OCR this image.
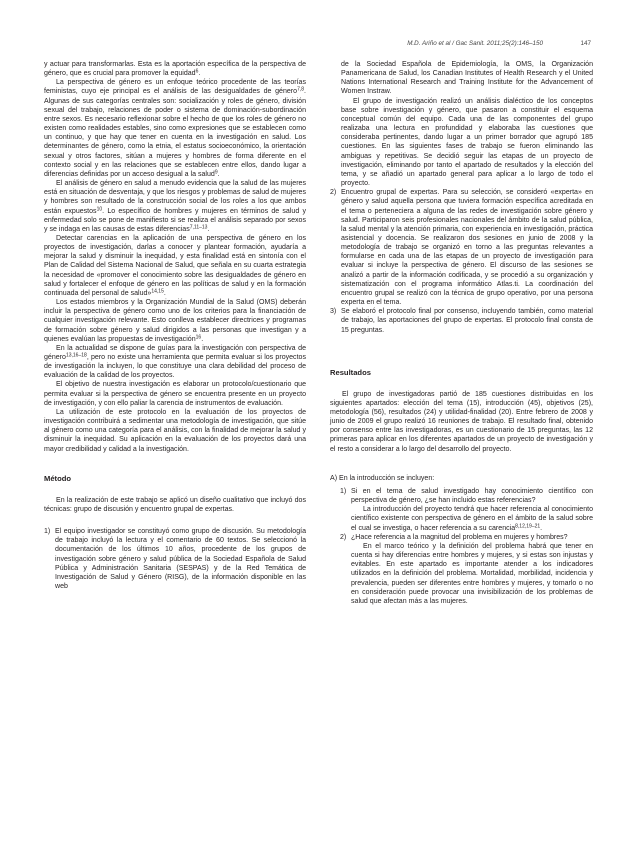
M.D. Ariño et al / Gac Sanit. 2011;25(2):146–150	147

y actuar para transformarlas. Esta es la aportación específica de la perspectiva de género, que es crucial para promover la equidad$^6$.

La perspectiva de género es un enfoque teórico procedente de las teorías feministas, cuyo eje principal es el análisis de las desigualdades de género$^{7,8}$. Algunas de sus categorías centrales son: socialización y roles de género, división sexual del trabajo, relaciones de poder o sistema de dominación-subordinación entre sexos. Es necesario reflexionar sobre el hecho de que los roles de género no existen como realidades estables, sino como expresiones que se establecen como un continuo, y que hay que tener en cuenta en la investigación en salud. Los determinantes de género, como la etnia, el estatus socioeconómico, la orientación sexual y otros factores, sitúan a mujeres y hombres de forma diferente en el contexto social y en las relaciones que se establecen entre ellos, dando lugar a diferencias definidas por un acceso desigual a la salud$^9$.

El análisis de género en salud a menudo evidencia que la salud de las mujeres está en situación de desventaja, y que los riesgos y problemas de salud de mujeres y hombres son resultado de la construcción social de los roles a los que ambos están expuestos$^{10}$. Lo específico de hombres y mujeres en términos de salud y enfermedad solo se pone de manifiesto si se realiza el análisis separado por sexos y se indaga en las causas de estas diferencias$^{7,11-13}$.

Detectar carencias en la aplicación de una perspectiva de género en los proyectos de investigación, darlas a conocer y plantear formación, ayudaría a mejorar la salud y disminuir la inequidad, y esta finalidad está en sintonía con el Plan de Calidad del Sistema Nacional de Salud, que señala en su cuarta estrategia la necesidad de «promover el conocimiento sobre las desigualdades de género en salud y fortalecer el enfoque de género en las políticas de salud y en la formación continuada del personal de salud»$^{14,15}$.

Los estados miembros y la Organización Mundial de la Salud (OMS) deberán incluir la perspectiva de género como uno de los criterios para la financiación de cualquier investigación relevante. Esto conlleva establecer directrices y programas de formación sobre género y salud dirigidos a las personas que investigan y a quienes evalúan las propuestas de investigación$^{16}$.

En la actualidad se dispone de guías para la investigación con perspectiva de género$^{13,16-18}$, pero no existe una herramienta que permita evaluar si los proyectos de investigación la incluyen, lo que constituye una clara debilidad del proceso de evaluación de la calidad de los proyectos.

El objetivo de nuestra investigación es elaborar un protocolo/cuestionario que permita evaluar si la perspectiva de género se encuentra presente en un proyecto de investigación, y con ello paliar la carencia de instrumentos de evaluación.

La utilización de este protocolo en la evaluación de los proyectos de investigación contribuirá a sedimentar una metodología de investigación, que sitúe al género como una categoría para el análisis, con la finalidad de mejorar la salud y disminuir la inequidad. Su aplicación en la evaluación de los proyectos dará una mayor credibilidad y calidad a la investigación.

Método

En la realización de este trabajo se aplicó un diseño cualitativo que incluyó dos técnicas: grupo de discusión y encuentro grupal de expertas.

1) El equipo investigador se constituyó como grupo de discusión. Su metodología de trabajo incluyó la lectura y el comentario de 60 textos. Se seleccionó la documentación de los últimos 10 años, procedente de los grupos de investigación sobre género y salud pública de la Sociedad Española de Salud Pública y Administración Sanitaria (SESPAS) y de la Red Temática de Investigación de Salud y Género (RISG), de la información disponible en las web

de la Sociedad Española de Epidemiología, la OMS, la Organización Panamericana de Salud, los Canadian Institutes of Health Research y el United Nations International Research and Training Institute for the Advancement of Women Instraw.

El grupo de investigación realizó un análisis dialéctico de los conceptos base sobre investigación y género, que pasaron a constituir el esquema conceptual común del equipo. Cada una de las componentes del grupo realizaba una lectura en profundidad y elaboraba las cuestiones que consideraba pertinentes, dando lugar a un primer borrador que agrupó 185 cuestiones. En las siguientes fases de trabajo se fueron eliminando las ambiguas y repetitivas. Se decidió seguir las etapas de un proyecto de investigación, eliminando por tanto el apartado de resultados y la elección del tema, y se añadió un apartado general para aplicar a lo largo de todo el proyecto.

2) Encuentro grupal de expertas. Para su selección, se consideró «experta» en género y salud aquella persona que tuviera formación específica acreditada en el tema o perteneciera a alguna de las redes de investigación sobre género y salud. Participaron seis profesionales nacionales del ámbito de la salud pública, la salud mental y la atención primaria, con experiencia en investigación, práctica asistencial y docencia. Se realizaron dos sesiones en junio de 2008 y la metodología de trabajo se organizó en torno a las preguntas relevantes a formularse en cada una de las etapas de un proyecto de investigación para evaluar si incluye la perspectiva de género. El discurso de las sesiones se analizó a partir de la información codificada, y se procedió a su organización y sistematización con el programa informático Atlas.ti. La coordinación del encuentro grupal se realizó con la técnica de grupo operativo, por una persona experta en el tema.

3) Se elaboró el protocolo final por consenso, incluyendo también, como material de trabajo, las aportaciones del grupo de expertas. El protocolo final consta de 15 preguntas.

Resultados

El grupo de investigadoras partió de 185 cuestiones distribuidas en los siguientes apartados: elección del tema (15), introducción (45), objetivos (25), metodología (56), resultados (24) y utilidad-finalidad (20). Entre febrero de 2008 y junio de 2009 el grupo realizó 16 reuniones de trabajo. El resultado final, obtenido por consenso entre las investigadoras, es un cuestionario de 15 preguntas, las 12 primeras para aplicar en los diferentes apartados de un proyecto de investigación y el resto a considerar a lo largo del desarrollo del proyecto.

A) En la introducción se incluyen:

1) Si en el tema de salud investigado hay conocimiento científico con perspectiva de género, ¿se han incluido estas referencias?

La introducción del proyecto tendrá que hacer referencia al conocimiento científico existente con perspectiva de género en el ámbito de la salud sobre el cual se investiga, o hacer referencia a su carencia$^{8,12,19-21}$.

2) ¿Hace referencia a la magnitud del problema en mujeres y hombres?

En el marco teórico y la definición del problema habrá que tener en cuenta si hay diferencias entre hombres y mujeres, y si estas son injustas y evitables. En este apartado es importante atender a los indicadores utilizados en la definición del problema. Mortalidad, morbilidad, incidencia y prevalencia, pueden ser diferentes entre hombres y mujeres, y tomarlo o no en consideración puede provocar una invisibilización de los problemas de salud que afectan más a las mujeres.
